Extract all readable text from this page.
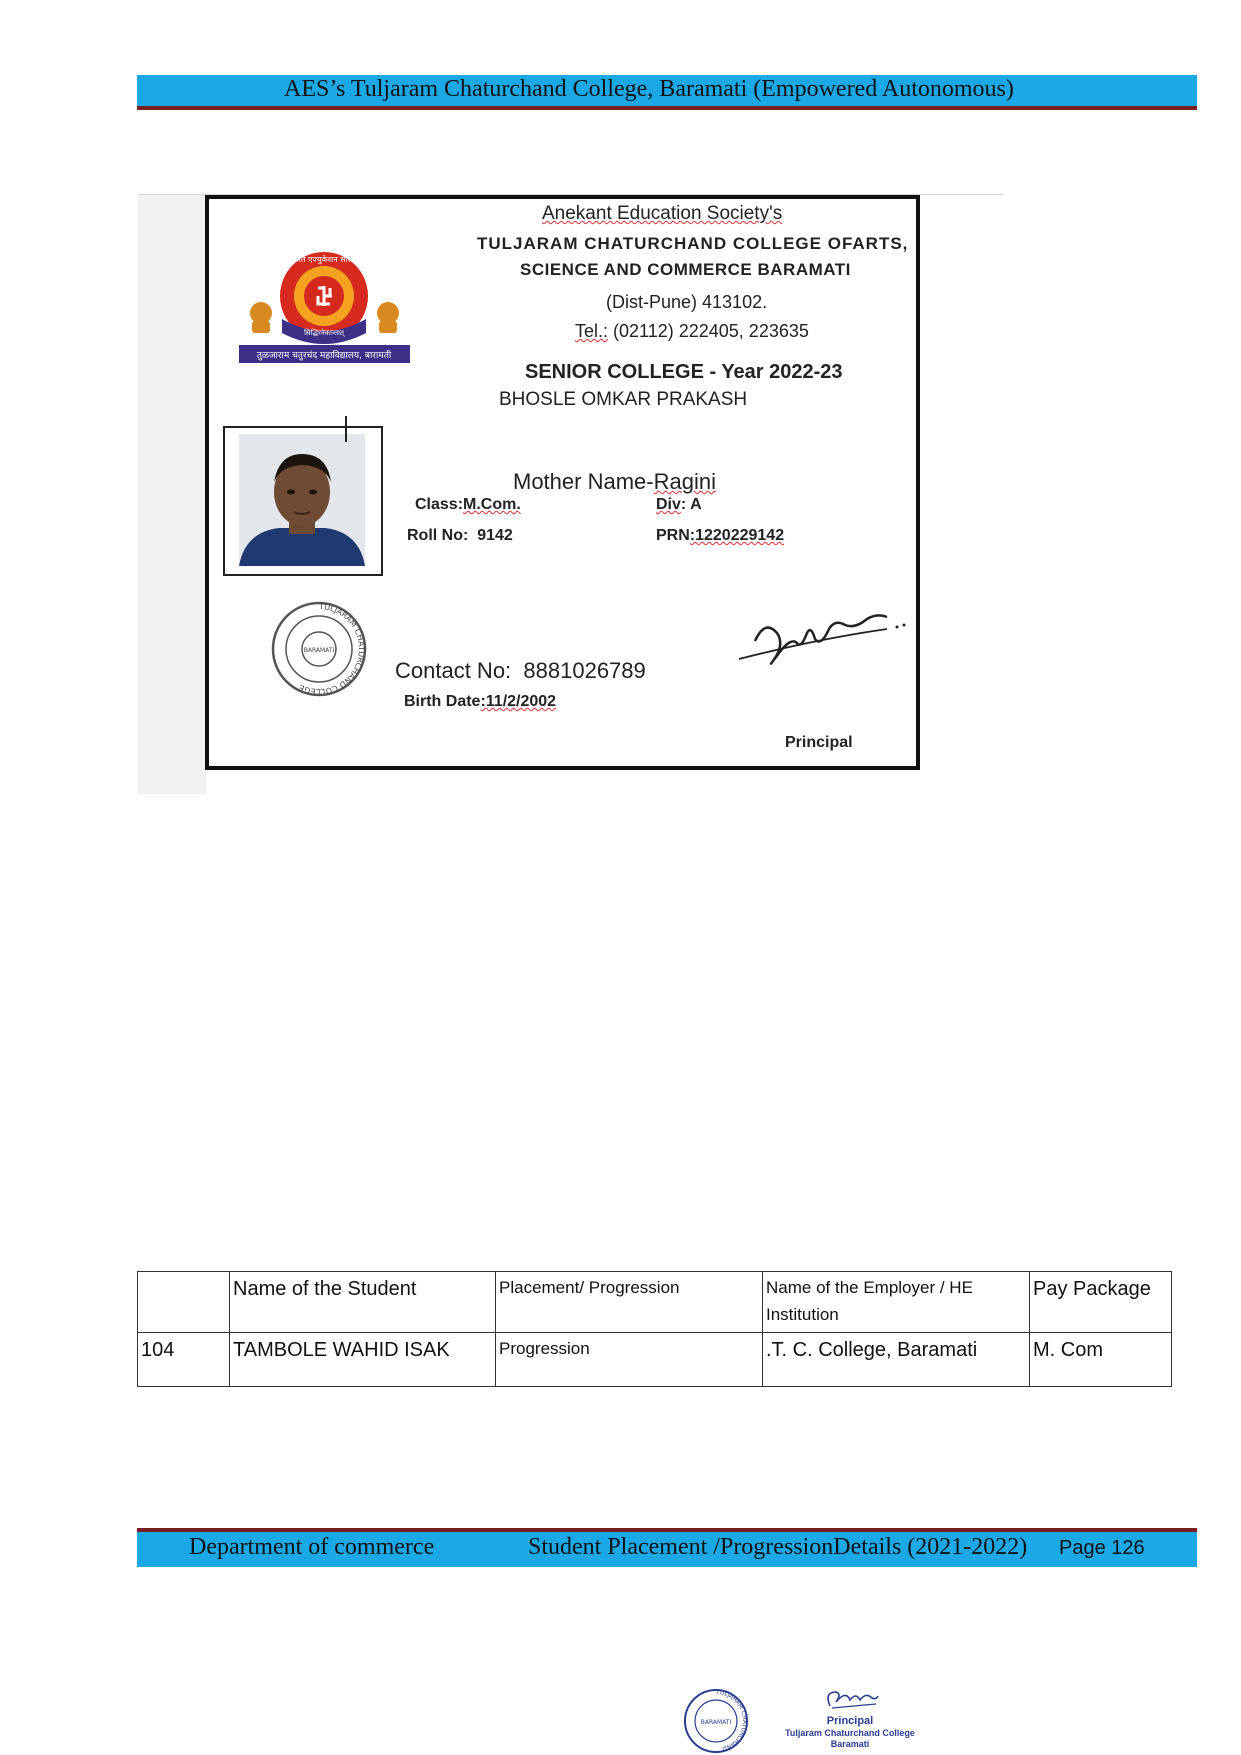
AES’s Tuljaram Chaturchand College, Baramati (Empowered Autonomous)
Anekant Education Society's
TULJARAM CHATURCHAND COLLEGE OFARTS,
SCIENCE AND COMMERCE BARAMATI
(Dist-Pune) 413102.
Tel.: (02112) 222405, 223635
SENIOR COLLEGE - Year 2022-23
BHOSLE OMKAR PRAKASH
Mother Name-Ragini
Class:M.Com.	Div: A
Roll No: 9142	PRN:1220229142
Contact No: 8881026789
Birth Date:11/2/2002
Principal
अनेकांत एज्युकेशन सोसायटी
सिद्धिरनेकान्तात्
तुळजाराम चतुरचंद महाविद्यालय, बारामती
TULJARAM CHATURCHAND COLLEGE
BARAMATI
	Name of the Student	Placement/ Progression	Name of the Employer / HE Institution	Pay Package
104	TAMBOLE WAHID ISAK	Progression	.T. C. College, Baramati	M. Com
Department of commerce	Student Placement /ProgressionDetails (2021-2022) Page 126
TULJARAM CHATURCHAND
BARAMATI	Principal
Tuljaram Chaturchand College
Baramati
